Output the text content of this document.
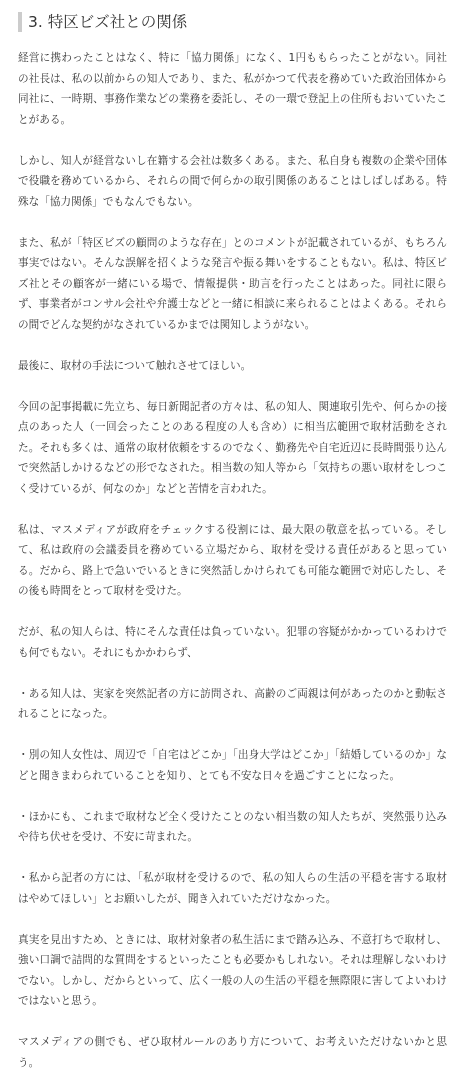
3. 特区ビズ社との関係

経営に携わったことはなく、特に「協力関係」になく、1円ももらったことがない。同社の社長は、私の以前からの知人であり、また、私がかつて代表を務めていた政治団体から同社に、一時期、事務作業などの業務を委託し、その一環で登記上の住所もおいていたことがある。

しかし、知人が経営ないし在籍する会社は数多くある。また、私自身も複数の企業や団体で役職を務めているから、それらの間で何らかの取引関係のあることはしばしばある。特殊な「協力関係」でもなんでもない。

また、私が「特区ビズの顧問のような存在」とのコメントが記載されているが、もちろん事実ではない。そんな誤解を招くような発言や振る舞いをすることもない。私は、特区ビズ社とその顧客が一緒にいる場で、情報提供・助言を行ったことはあった。同社に限らず、事業者がコンサル会社や弁護士などと一緒に相談に来られることはよくある。それらの間でどんな契約がなされているかまでは関知しようがない。

最後に、取材の手法について触れさせてほしい。

今回の記事掲載に先立ち、毎日新聞記者の方々は、私の知人、関連取引先や、何らかの接点のあった人（一回会ったことのある程度の人も含め）に相当広範囲で取材活動をされた。それも多くは、通常の取材依頼をするのでなく、勤務先や自宅近辺に長時間張り込んで突然話しかけるなどの形でなされた。相当数の知人等から「気持ちの悪い取材をしつこく受けているが、何なのか」などと苦情を言われた。

私は、マスメディアが政府をチェックする役割には、最大限の敬意を払っている。そして、私は政府の会議委員を務めている立場だから、取材を受ける責任があると思っている。だから、路上で急いでいるときに突然話しかけられても可能な範囲で対応したし、その後も時間をとって取材を受けた。

だが、私の知人らは、特にそんな責任は負っていない。犯罪の容疑がかかっているわけでも何でもない。それにもかかわらず、

・ある知人は、実家を突然記者の方に訪問され、高齢のご両親は何があったのかと動転されることになった。

・別の知人女性は、周辺で「自宅はどこか」「出身大学はどこか」「結婚しているのか」などと聞きまわられていることを知り、とても不安な日々を過ごすことになった。

・ほかにも、これまで取材など全く受けたことのない相当数の知人たちが、突然張り込みや待ち伏せを受け、不安に苛まれた。

・私から記者の方には、「私が取材を受けるので、私の知人らの生活の平穏を害する取材はやめてほしい」とお願いしたが、聞き入れていただけなかった。

真実を見出すため、ときには、取材対象者の私生活にまで踏み込み、不意打ちで取材し、強い口調で詰問的な質問をするといったことも必要かもしれない。それは理解しないわけでない。しかし、だからといって、広く一般の人の生活の平穏を無際限に害してよいわけではないと思う。

マスメディアの側でも、ぜひ取材ルールのあり方について、お考えいただけないかと思う。
